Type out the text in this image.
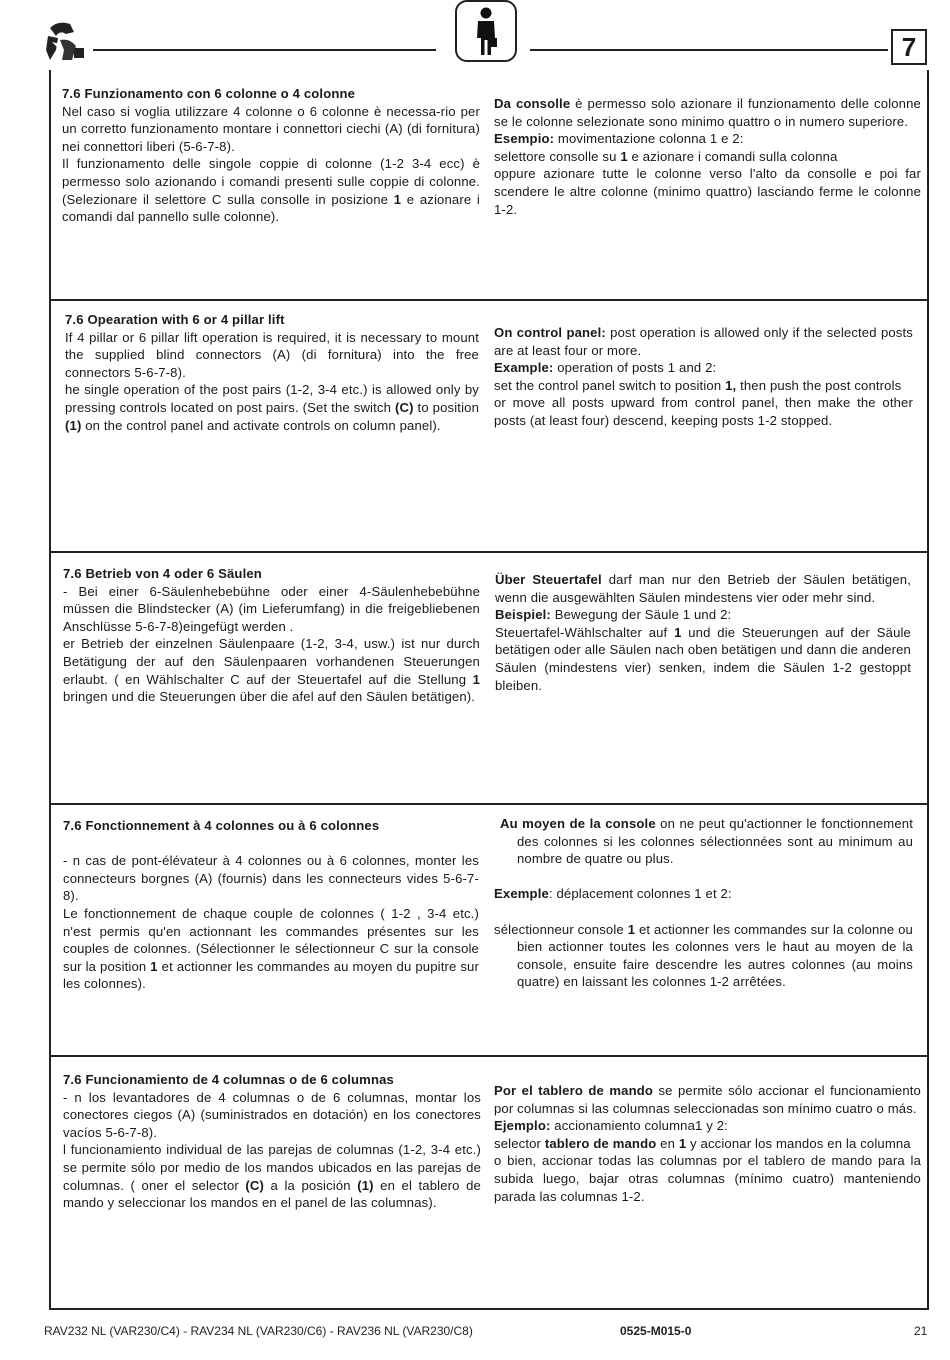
7

7.6 Funzionamento con 6 colonne o 4 colonne

Nel caso si voglia utilizzare 4 colonne o 6 colonne è necessa-rio per un corretto funzionamento montare i connettori ciechi (A) (di fornitura) nei connettori liberi (5-6-7-8).

Il funzionamento delle singole coppie di colonne (1-2 3-4 ecc) è permesso solo azionando i comandi presenti sulle coppie di colonne. (Selezionare il selettore C sulla consolle in posizione 1 e azionare i comandi dal pannello sulle colonne).

Da consolle è permesso solo azionare il funzionamento delle colonne se le colonne selezionate sono minimo quattro o in numero superiore.

Esempio: movimentazione colonna 1 e 2:

selettore consolle su 1 e azionare i comandi sulla colonna

oppure azionare tutte le colonne verso l'alto da consolle e poi far scendere le altre colonne (minimo quattro) lasciando ferme le colonne 1-2.

7.6 Opearation with 6 or 4 pillar lift

If 4 pillar or 6 pillar lift operation is required, it is necessary to mount the supplied blind connectors (A) (di fornitura) into the free connectors 5-6-7-8).

he single operation of the post pairs (1-2, 3-4 etc.) is allowed only by pressing controls located on post pairs. (Set the switch (C) to position (1) on the control panel and activate controls on column panel).

On control panel: post operation is allowed only if the selected posts are at least four or more.

Example: operation of posts 1 and 2:

set the control panel switch to position 1, then push the post controls

or move all posts upward from control panel, then make the other posts (at least four) descend, keeping posts 1-2 stopped.

7.6 Betrieb von 4 oder 6 Säulen

- Bei einer 6-Säulenhebebühne oder einer 4-Säulenhebebühne müssen die Blindstecker (A) (im Lieferumfang) in die freigebliebenen Anschlüsse 5-6-7-8)eingefügt werden .

er Betrieb der einzelnen Säulenpaare (1-2, 3-4, usw.) ist nur durch Betätigung der auf den Säulenpaaren vorhandenen Steuerungen erlaubt. ( en Wählschalter C auf der Steuertafel auf die Stellung 1 bringen und die Steuerungen über die afel auf den Säulen betätigen).

Über Steuertafel darf man nur den Betrieb der Säulen betätigen, wenn die ausgewählten Säulen mindestens vier oder mehr sind.

Beispiel: Bewegung der Säule 1 und 2:

Steuertafel-Wählschalter auf 1 und die Steuerungen auf der Säule betätigen oder alle Säulen nach oben betätigen und dann die anderen Säulen (mindestens vier) senken, indem die Säulen 1-2 gestoppt bleiben.

7.6 Fonctionnement à 4 colonnes ou à 6 colonnes

- n cas de pont-élévateur à 4 colonnes ou à 6 colonnes, monter les connecteurs borgnes (A) (fournis) dans les connecteurs vides 5-6-7-8).

Le fonctionnement de chaque couple de colonnes ( 1-2 , 3-4 etc.) n'est permis qu'en actionnant les commandes présentes sur les couples de colonnes. (Sélectionner le sélectionneur C sur la console sur la position 1 et actionner les commandes au moyen du pupitre sur les colonnes).

Au moyen de la console on ne peut qu'actionner le fonctionnement des colonnes si les colonnes sélectionnées sont au minimum au nombre de quatre ou plus.

Exemple: déplacement colonnes 1 et 2:

sélectionneur console 1 et actionner les commandes sur la colonne ou bien actionner toutes les colonnes vers le haut au moyen de la console, ensuite faire descendre les autres colonnes (au moins quatre) en laissant les colonnes 1-2 arrêtées.

7.6 Funcionamiento de 4 columnas o de 6 columnas

- n los levantadores de 4 columnas o de 6 columnas, montar los conectores ciegos (A) (suministrados en dotación) en los conectores vacíos 5-6-7-8).

l funcionamiento individual de las parejas de columnas (1-2, 3-4 etc.) se permite sólo por medio de los mandos ubicados en las parejas de columnas. ( oner el selector (C) a la posición (1) en el tablero de mando y seleccionar los mandos en el panel de las columnas).

Por el tablero de mando se permite sólo accionar el funcionamiento por columnas si las columnas seleccionadas son mínimo cuatro o más.

Ejemplo: accionamiento columna1 y 2:

selector tablero de mando en 1 y accionar los mandos en la columna

o bien, accionar todas las columnas por el tablero de mando para la subida luego, bajar otras columnas (mínimo cuatro) manteniendo parada las columnas 1-2.

RAV232 NL (VAR230/C4) - RAV234 NL (VAR230/C6) - RAV236 NL (VAR230/C8)	0525-M015-0	21
